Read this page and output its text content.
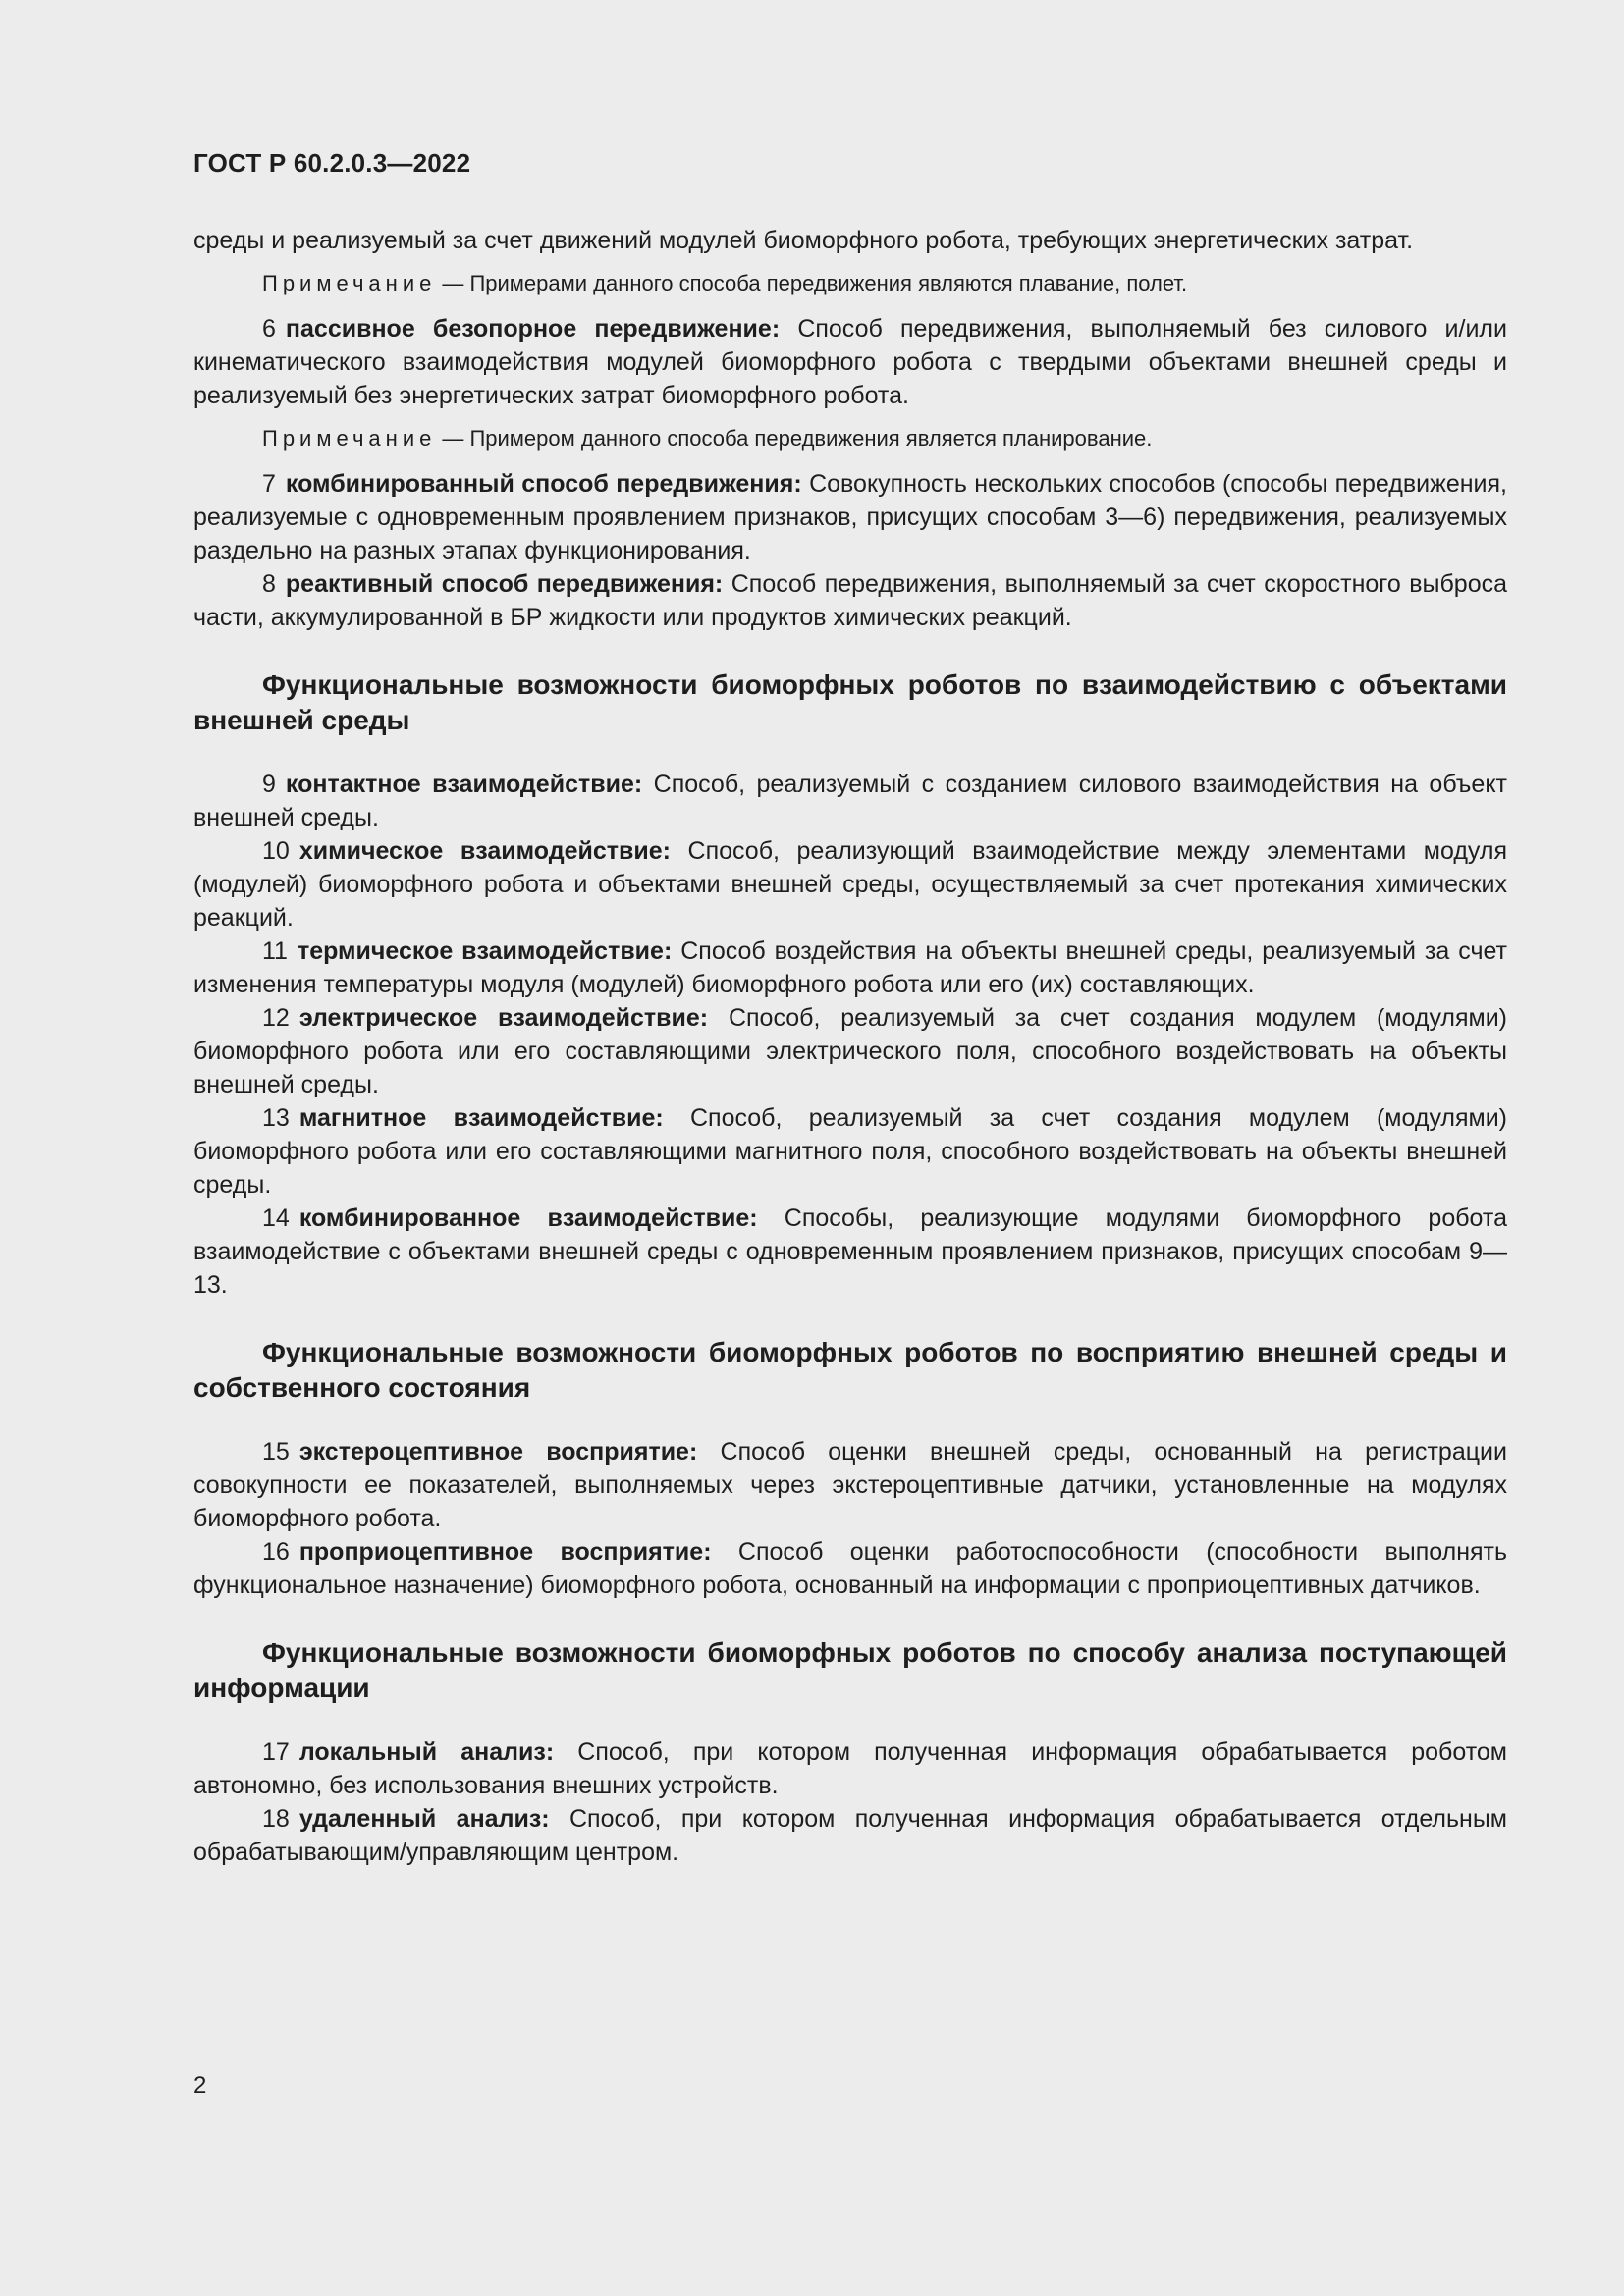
ГОСТ Р 60.2.0.3—2022

среды и реализуемый за счет движений модулей биоморфного робота, требующих энергетических затрат.

Примечание — Примерами данного способа передвижения являются плавание, полет.

6 пассивное безопорное передвижение: Способ передвижения, выполняемый без силового и/или кинематического взаимодействия модулей биоморфного робота с твердыми объектами внешней среды и реализуемый без энергетических затрат биоморфного робота.

Примечание — Примером данного способа передвижения является планирование.

7 комбинированный способ передвижения: Совокупность нескольких способов (способы передвижения, реализуемые с одновременным проявлением признаков, присущих способам 3—6) передвижения, реализуемых раздельно на разных этапах функционирования.

8 реактивный способ передвижения: Способ передвижения, выполняемый за счет скоростного выброса части, аккумулированной в БР жидкости или продуктов химических реакций.

Функциональные возможности биоморфных роботов по взаимодействию с объектами внешней среды

9 контактное взаимодействие: Способ, реализуемый с созданием силового взаимодействия на объект внешней среды.

10 химическое взаимодействие: Способ, реализующий взаимодействие между элементами модуля (модулей) биоморфного робота и объектами внешней среды, осуществляемый за счет протекания химических реакций.

11 термическое взаимодействие: Способ воздействия на объекты внешней среды, реализуемый за счет изменения температуры модуля (модулей) биоморфного робота или его (их) составляющих.

12 электрическое взаимодействие: Способ, реализуемый за счет создания модулем (модулями) биоморфного робота или его составляющими электрического поля, способного воздействовать на объекты внешней среды.

13 магнитное взаимодействие: Способ, реализуемый за счет создания модулем (модулями) биоморфного робота или его составляющими магнитного поля, способного воздействовать на объекты внешней среды.

14 комбинированное взаимодействие: Способы, реализующие модулями биоморфного робота взаимодействие с объектами внешней среды с одновременным проявлением признаков, присущих способам 9—13.

Функциональные возможности биоморфных роботов по восприятию внешней среды и собственного состояния

15 экстероцептивное восприятие: Способ оценки внешней среды, основанный на регистрации совокупности ее показателей, выполняемых через экстероцептивные датчики, установленные на модулях биоморфного робота.

16 проприоцептивное восприятие: Способ оценки работоспособности (способности выполнять функциональное назначение) биоморфного робота, основанный на информации с проприоцептивных датчиков.

Функциональные возможности биоморфных роботов по способу анализа поступающей информации

17 локальный анализ: Способ, при котором полученная информация обрабатывается роботом автономно, без использования внешних устройств.

18 удаленный анализ: Способ, при котором полученная информация обрабатывается отдельным обрабатывающим/управляющим центром.

2
